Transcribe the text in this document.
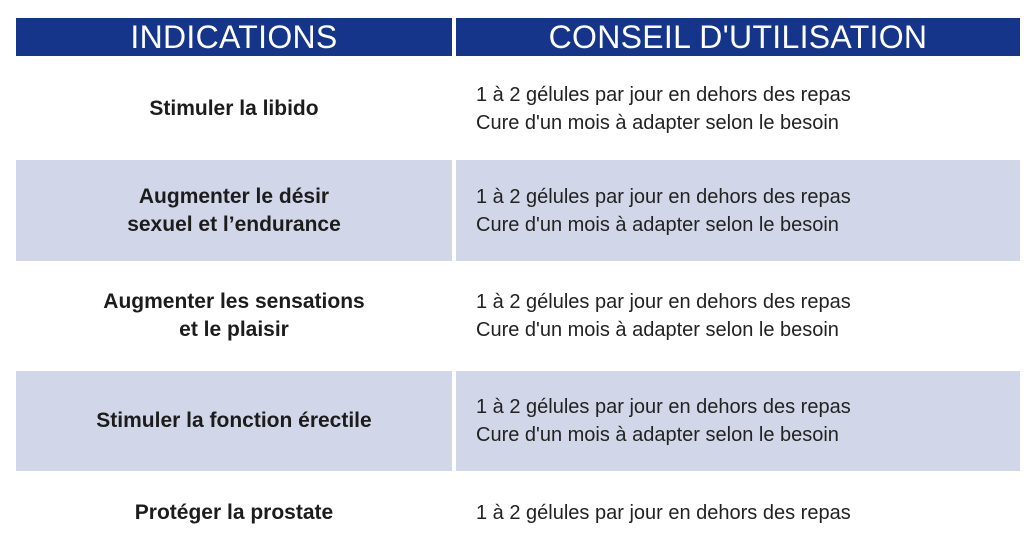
INDICATIONS	CONSEIL D'UTILISATION
Stimuler la libido
1 à 2 gélules par jour en dehors des repas
Cure d'un mois à adapter selon le besoin
Augmenter le désir
sexuel et l’endurance
1 à 2 gélules par jour en dehors des repas
Cure d'un mois à adapter selon le besoin
Augmenter les sensations
et le plaisir
1 à 2 gélules par jour en dehors des repas
Cure d'un mois à adapter selon le besoin
Stimuler la fonction érectile
1 à 2 gélules par jour en dehors des repas
Cure d'un mois à adapter selon le besoin
Protéger la prostate	1 à 2 gélules par jour en dehors des repas
